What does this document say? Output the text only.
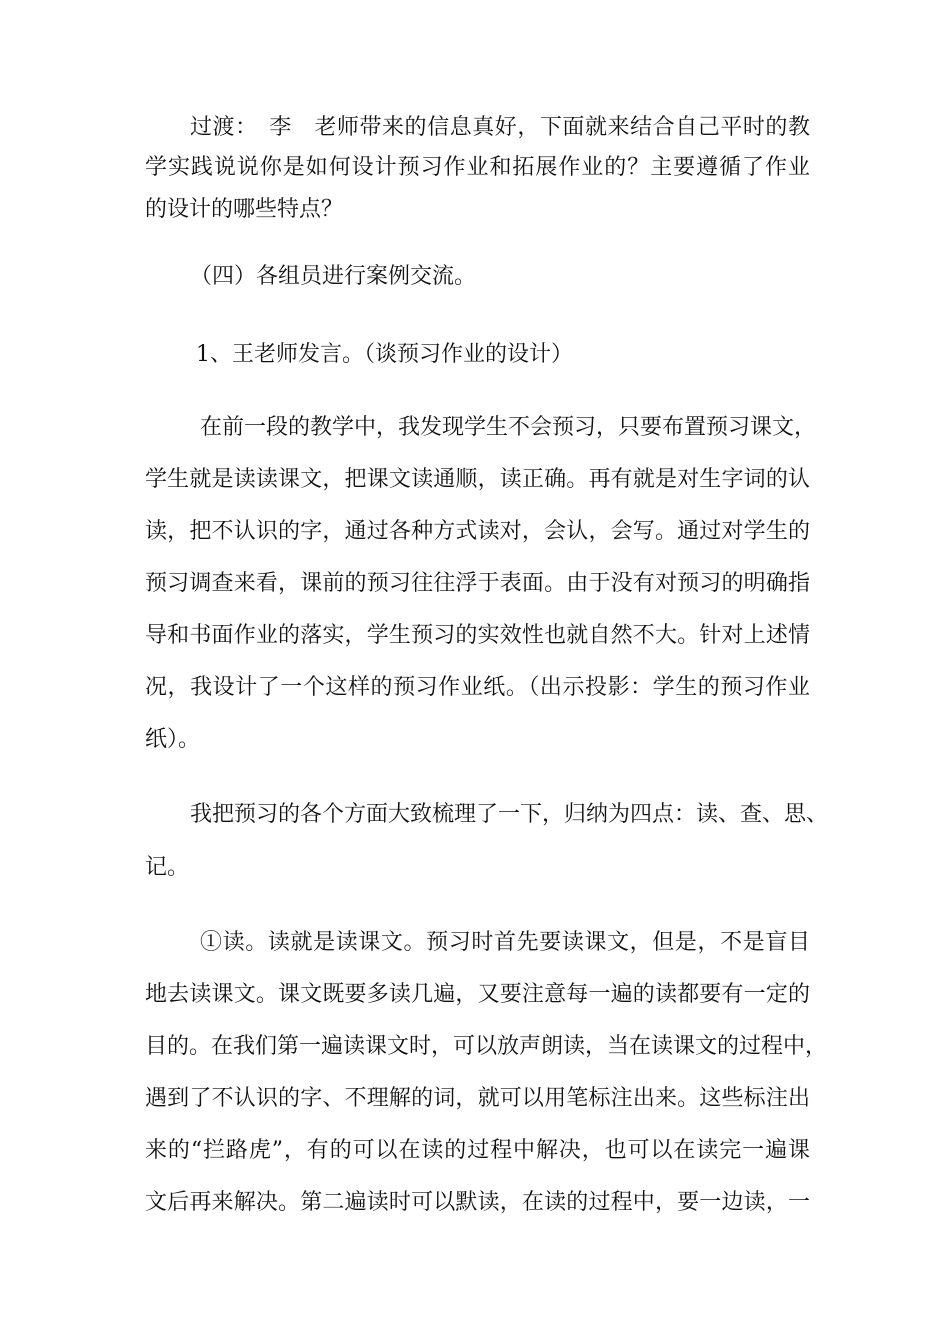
过渡：　李　老师带来的信息真好，下面就来结合自己平时的教
学实践说说你是如何设计预习作业和拓展作业的？主要遵循了作业
的设计的哪些特点？
（四）各组员进行案例交流。
1、王老师发言。（谈预习作业的设计）
在前一段的教学中，我发现学生不会预习，只要布置预习课文，
学生就是读读课文，把课文读通顺，读正确。再有就是对生字词的认
读，把不认识的字，通过各种方式读对，会认，会写。通过对学生的
预习调查来看，课前的预习往往浮于表面。由于没有对预习的明确指
导和书面作业的落实，学生预习的实效性也就自然不大。针对上述情
况，我设计了一个这样的预习作业纸。（出示投影：学生的预习作业
纸）。
我把预习的各个方面大致梳理了一下，归纳为四点：读、查、思、
记。
①读。读就是读课文。预习时首先要读课文，但是，不是盲目
地去读课文。课文既要多读几遍，又要注意每一遍的读都要有一定的
目的。在我们第一遍读课文时，可以放声朗读，当在读课文的过程中，
遇到了不认识的字、不理解的词，就可以用笔标注出来。这些标注出
来的“拦路虎”，有的可以在读的过程中解决，也可以在读完一遍课
文后再来解决。第二遍读时可以默读，在读的过程中，要一边读，一
